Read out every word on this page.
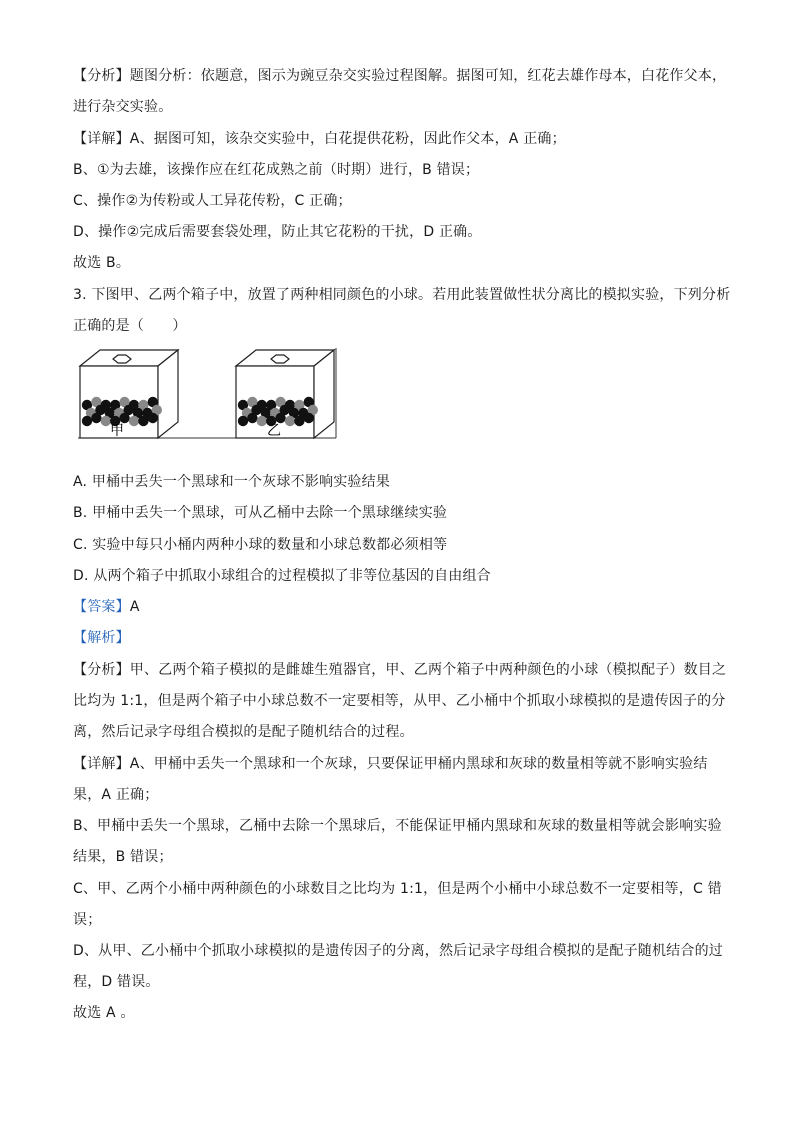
【分析】题图分析：依题意，图示为豌豆杂交实验过程图解。据图可知，红花去雄作母本，白花作父本，
进行杂交实验。
【详解】A、据图可知，该杂交实验中，白花提供花粉，因此作父本，A 正确；
B、①为去雄，该操作应在红花成熟之前（时期）进行，B 错误；
C、操作②为传粉或人工异花传粉，C 正确；
D、操作②完成后需要套袋处理，防止其它花粉的干扰，D 正确。
故选 B。
3. 下图甲、乙两个箱子中，放置了两种相同颜色的小球。若用此装置做性状分离比的模拟实验，下列分析
正确的是（　　）
甲	乙
A. 甲桶中丢失一个黑球和一个灰球不影响实验结果
B. 甲桶中丢失一个黑球，可从乙桶中去除一个黑球继续实验
C. 实验中每只小桶内两种小球的数量和小球总数都必须相等
D. 从两个箱子中抓取小球组合的过程模拟了非等位基因的自由组合
【答案】A
【解析】
【分析】甲、乙两个箱子模拟的是雌雄生殖器官，甲、乙两个箱子中两种颜色的小球（模拟配子）数目之
比均为 1:1，但是两个箱子中小球总数不一定要相等，从甲、乙小桶中个抓取小球模拟的是遗传因子的分
离，然后记录字母组合模拟的是配子随机结合的过程。
【详解】A、甲桶中丢失一个黑球和一个灰球，只要保证甲桶内黑球和灰球的数量相等就不影响实验结
果，A 正确；
B、甲桶中丢失一个黑球，乙桶中去除一个黑球后，不能保证甲桶内黑球和灰球的数量相等就会影响实验
结果，B 错误；
C、甲、乙两个小桶中两种颜色的小球数目之比均为 1:1，但是两个小桶中小球总数不一定要相等，C 错
误；
D、从甲、乙小桶中个抓取小球模拟的是遗传因子的分离，然后记录字母组合模拟的是配子随机结合的过
程，D 错误。
故选 A 。
